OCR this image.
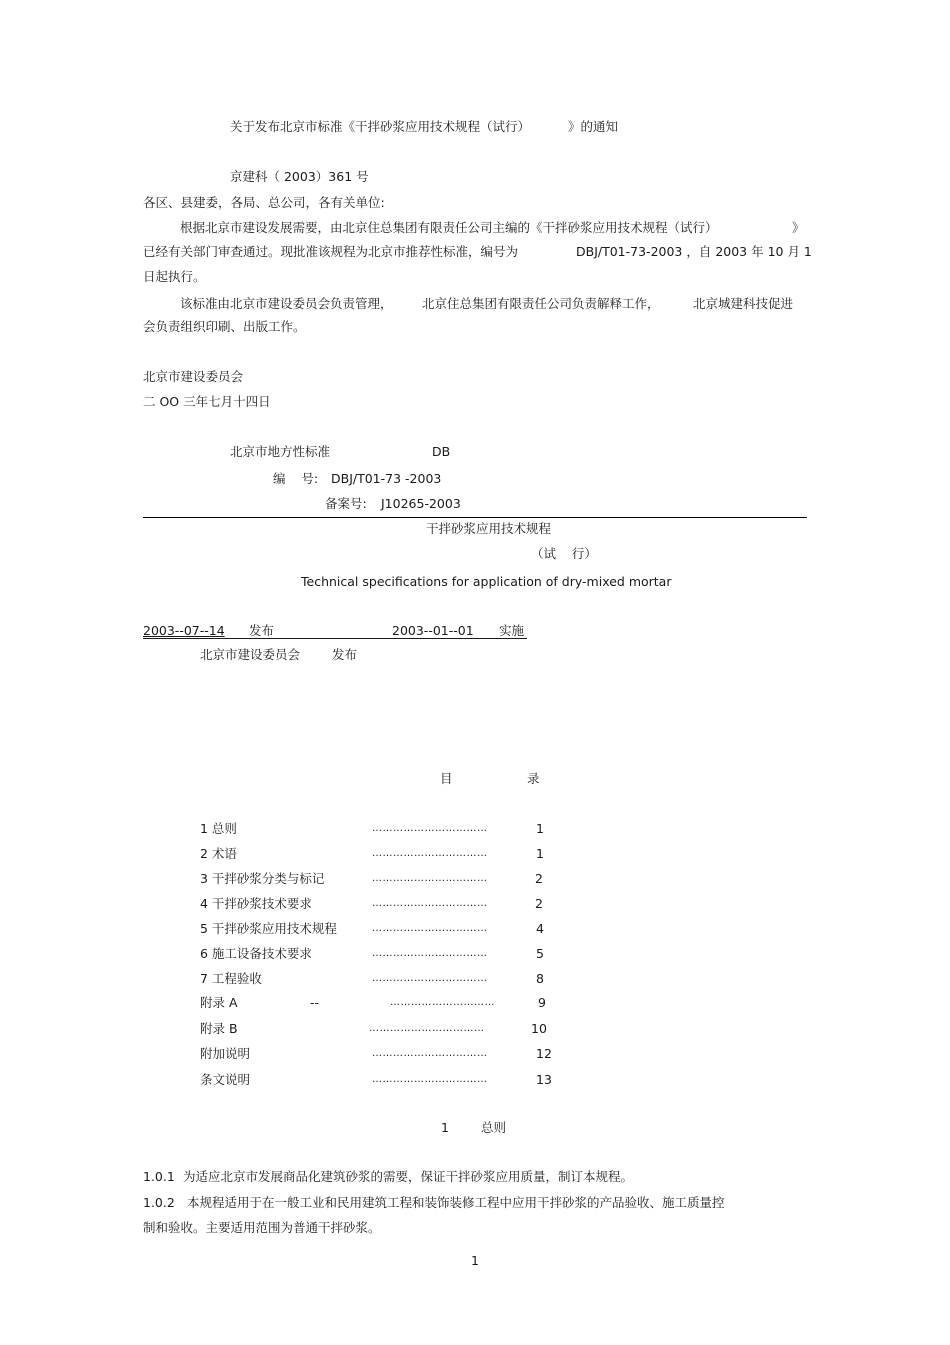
关于发布北京市标准《干拌砂浆应用技术规程（试行）	》的通知
京建科（ 2003）361 号
各区、县建委，各局、总公司，各有关单位:
根据北京市建设发展需要，由北京住总集团有限责任公司主编的《干拌砂浆应用技术规程（试行）	》
已经有关部门审查通过。现批准该规程为北京市推荐性标准，编号为	DBJ/T01-73-2003 ，自 2003 年 10 月 1
日起执行。
该标准由北京市建设委员会负责管理， 北京住总集团有限责任公司负责解释工作，	北京城建科技促进
会负责组织印刷、出版工作。
北京市建设委员会
二 OO 三年七月十四日
北京市地方性标准	DB
编    号: DBJ/T01-73 -2003
备案号: J10265-2003
干拌砂浆应用技术规程
（试    行）
Technical specifications for application of dry-mixed mortar
2003--07--14 发布	2003--01--01 实施
北京市建设委员会	发布
目	录
1	总则
1.0.1 为适应北京市发展商品化建筑砂浆的需要，保证干拌砂浆应用质量，制订本规程。
1.0.2 本规程适用于在一般工业和民用建筑工程和装饰装修工程中应用干拌砂浆的产品验收、施工质量控
制和验收。主要适用范围为普通干拌砂浆。
1
1 总则	……………………………	1
2 术语	……………………………	1
3 干拌砂浆分类与标记	……………………………	2
4 干拌砂浆技术要求	……………………………	2
5 干拌砂浆应用技术规程	……………………………	4
6 施工设备技术要求	……………………………	5
7 工程验收	……………………………	8
附录 A	--	…………………………	9
附录 B	……………………………	10
附加说明	……………………………	12
条文说明	……………………………	13
